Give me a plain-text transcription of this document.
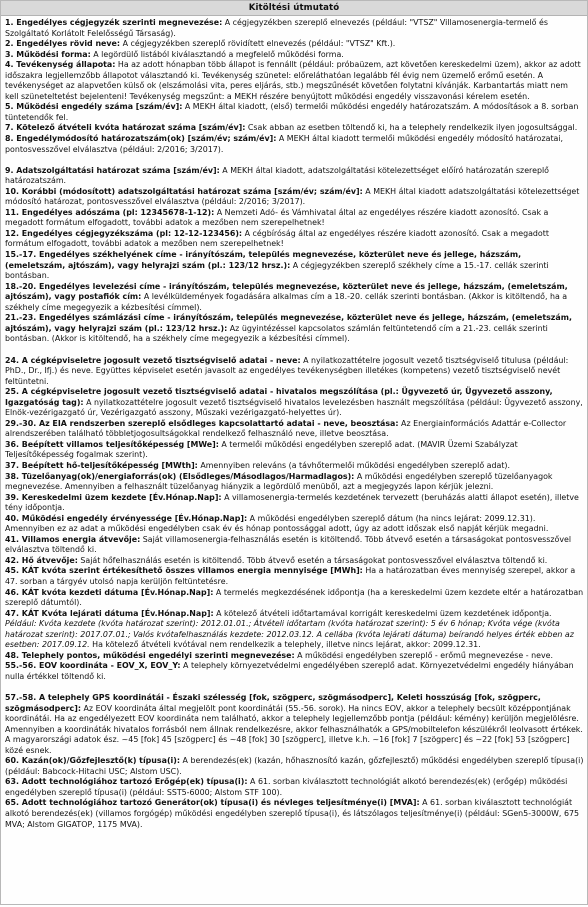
Kitöltési útmutató

1. Engedélyes cégjegyzék szerinti megnevezése: A cégjegyzékben szereplő elnevezés (például: "VTSZ" Villamosenergia-termelő és Szolgáltató Korlátolt Felelősségű Társaság).

2. Engedélyes rövid neve: A cégjegyzékben szereplő rövidített elnevezés (például: "VTSZ" Kft.).

3. Működési forma: A legördülő listából kiválasztandó a megfelelő működési forma.

4. Tevékenység állapota: Ha az adott hónapban több állapot is fennállt (például: próbaüzem, azt követően kereskedelmi üzem), akkor az adott időszakra legjellemzőbb állapotot választandó ki. Tevékenység szünetel: előreláthatóan legalább fél évig nem üzemelő erőmű esetén. A tevékenységet az alapvetően külső ok (elszámolási vita, peres eljárás, stb.) megszűnését követően folytatni kívánják. Karbantartás miatt nem kell szüneteltetést bejelenteni! Tevékenység megszűnt: a MEKH részére benyújtott működési engedély visszavonási kérelem esetén.

5. Működési engedély száma [szám/év]: A MEKH által kiadott, (első) termelői működési engedély határozatszám. A módosítások a 8. sorban tüntetendők fel.

7. Kötelező átvételi kvóta határozat száma [szám/év]: Csak abban az esetben töltendő ki, ha a telephely rendelkezik ilyen jogosultsággal.

8. Engedélymódosító határozatszám(ok) [szám/év; szám/év]: A MEKH által kiadott termelői működési engedély módosító határozatai, pontosvesszővel elválasztva (például: 2/2016; 3/2017).

9. Adatszolgáltatási határozat száma [szám/év]: A MEKH által kiadott, adatszolgáltatási kötelezettséget előíró határozatán szereplő határozatszám.

10. Korábbi (módosított) adatszolgáltatási határozat száma [szám/év; szám/év]: A MEKH által kiadott adatszolgáltatási kötelezettséget módosító határozat, pontosvesszővel elválasztva (például: 2/2016; 3/2017).

11. Engedélyes adószáma (pl: 12345678-1-12): A Nemzeti Adó- és Vámhivatal által az engedélyes részére kiadott azonosító. Csak a megadott formátum elfogadott, további adatok a mezőben nem szerepelhetnek!

12. Engedélyes cégjegyzékszáma (pl: 12-12-123456): A cégbíróság által az engedélyes részére kiadott azonosító. Csak a megadott formátum elfogadott, további adatok a mezőben nem szerepelhetnek!

15.-17. Engedélyes székhelyének címe - irányítószám, település megnevezése, közterület neve és jellege, házszám, (emeletszám, ajtószám), vagy helyrajzi szám (pl.: 123/12 hrsz.): A cégjegyzékben szereplő székhely címe a 15.-17. cellák szerinti bontásban.

18.-20. Engedélyes levelezési címe - irányítószám, település megnevezése, közterület neve és jellege, házszám, (emeletszám, ajtószám), vagy postafiók cím: A levélküldemények fogadására alkalmas cím a 18.-20. cellák szerinti bontásban. (Akkor is kitöltendő, ha a székhely címe megegyezik a kézbesítési címmel).

21.-23. Engedélyes számlázási címe - irányítószám, település megnevezése, közterület neve és jellege, házszám, (emeletszám, ajtószám), vagy helyrajzi szám (pl.: 123/12 hrsz.): Az ügyintézéssel kapcsolatos számlán feltüntetendő cím a 21.-23. cellák szerinti bontásban. (Akkor is kitöltendő, ha a székhely címe megegyezik a kézbesítési címmel).

24. A cégképviseletre jogosult vezető tisztségviselő adatai - neve: A nyilatkozattételre jogosult vezető tisztségviselő titulusa (például: PhD., Dr., Ifj.) és neve. Együttes képviselet esetén javasolt az engedélyes tevékenységben illetékes (kompetens) vezető tisztségviselő nevét feltüntetni.

25. A cégképviseletre jogosult vezető tisztségviselő adatai - hivatalos megszólítása (pl.: Ügyvezető úr, Ügyvezető asszony, Igazgatóság tag): A nyilatkozattételre jogosult vezető tisztségviselő hivatalos levelezésben használt megszólítása (például: Ügyvezető asszony, Elnök-vezérigazgató úr, Vezérigazgató asszony, Műszaki vezérigazgató-helyettes úr).

29.-30. Az EIA rendszerben szereplő elsődleges kapcsolattartó adatai - neve, beosztása: Az Energiainformációs Adattár e-Collector alrendszerében található többletjogosultságokkal rendelkező felhasználó neve, illetve beosztása.

36. Beépített villamos teljesítőképesség [MWe]: A termelői működési engedélyben szereplő adat. (MAVIR Üzemi Szabályzat Teljesítőképesség fogalmak szerint).

37. Beépített hő-teljesítőképesség [MWth]: Amennyiben releváns (a távhőtermelői működési engedélyben szereplő adat).

38. Tüzelőanyag(ok)/energiaforrás(ok) (Elsődleges/Másodlagos/Harmadlagos): A működési engedélyben szereplő tüzelőanyagok megnevezése. Amennyiben a felhasznált tüzelőanyag hiányzik a legördülő menüből, azt a megjegyzés lapon kérjük jelezni.

39. Kereskedelmi üzem kezdete [Év.Hónap.Nap]: A villamosenergia-termelés kezdetének tervezett (beruházás alatti állapot esetén), illetve tény időpontja.

40. Működési engedély érvényessége [Év.Hónap.Nap]: A működési engedélyben szereplő dátum (ha nincs lejárat: 2099.12.31). Amennyiben ez az adat a működési engedélyben csak év és hónap pontossággal adott, úgy az adott időszak első napját kérjük megadni.

41. Villamos energia átvevője: Saját villamosenergia-felhasználás esetén is kitöltendő. Több átvevő esetén a társaságokat pontosvesszővel elválasztva töltendő ki.

42. Hő átvevője: Saját hőfelhasználás esetén is kitöltendő. Több átvevő esetén a társaságokat pontosvesszővel elválasztva töltendő ki.

45. KÁT kvóta szerint értékesíthető összes villamos energia mennyisége [MWh]: Ha a határozatban éves mennyiség szerepel, akkor a 47. sorban a tárgyév utolsó napja kerüljön feltüntetésre.

46. KÁT kvóta kezdeti dátuma [Év.Hónap.Nap]: A termelés megkezdésének időpontja (ha a kereskedelmi üzem kezdete eltér a határozatban szereplő dátumtól).

47. KÁT Kvóta lejárati dátuma [Év.Hónap.Nap]: A kötelező átvételi időtartamával korrigált kereskedelmi üzem kezdetének időpontja. Például: Kvóta kezdete (kvóta határozat szerint): 2012.01.01.; Átvételi időtartam (kvóta határozat szerint): 5 év 6 hónap; Kvóta vége (kvóta határozat szerint): 2017.07.01.; Valós kvótafelhasználás kezdete: 2012.03.12. A cellába (kvóta lejárati dátuma) beírandó helyes érték ebben az esetben: 2017.09.12. Ha kötelező átvételi kvótával nem rendelkezik a telephely, illetve nincs lejárat, akkor: 2099.12.31.

48. Telephely pontos, működési engedélyi szerinti megnevezése: A működési engedélyben szereplő - erőmű megnevezése - neve.

55.-56. EOV koordináta - EOV_X, EOV_Y: A telephely környezetvédelmi engedélyében szereplő adat. Környezetvédelmi engedély hiányában nulla értékkel töltendő ki.

57.-58. A telephely GPS koordinátái - Északi szélesség [fok, szögperc, szögmásodperc], Keleti hosszúság [fok, szögperc, szögmásodperc]: Az EOV koordináta által megjelölt pont koordinátái (55.-56. sorok). Ha nincs EOV, akkor a telephely becsült középpontjának koordinátái. Ha az engedélyezett EOV koordináta nem található, akkor a telephely legjellemzőbb pontja (például: kémény) kerüljön megjelölésre. Amennyiben a koordináták hivatalos forrásból nem állnak rendelkezésre, akkor felhasználhatók a GPS/mobiltelefon készülékről leolvasott értékek. A magyarországi adatok ész. ~45 [fok] 45 [szögperc] és ~48 [fok] 30 [szögperc], illetve k.h. ~16 [fok] 7 [szögperc] és ~22 [fok] 53 [szögperc] közé esnek.

60. Kazán(ok)/Gőzfejlesztő(k) típusa(i): A berendezés(ek) (kazán, hőhasznosító kazán, gőzfejlesztő) működési engedélyben szereplő típusa(i) (például: Babcock-Hitachi USC; Alstom USC).

63. Adott technológiához tartozó Erőgép(ek) típusa(i): A 61. sorban kiválasztott technológiát alkotó berendezés(ek) (erőgép) működési engedélyben szereplő típusa(i) (például: SST5-6000; Alstom STF 100).

65. Adott technológiához tartozó Generátor(ok) típusa(i) és névleges teljesítménye(i) [MVA]: A 61. sorban kiválasztott technológiát alkotó berendezés(ek) (villamos forgógép) működési engedélyben szereplő típusa(i), és látszólagos teljesítménye(i) (például: SGen5-3000W, 675 MVA; Alstom GIGATOP, 1175 MVA).
